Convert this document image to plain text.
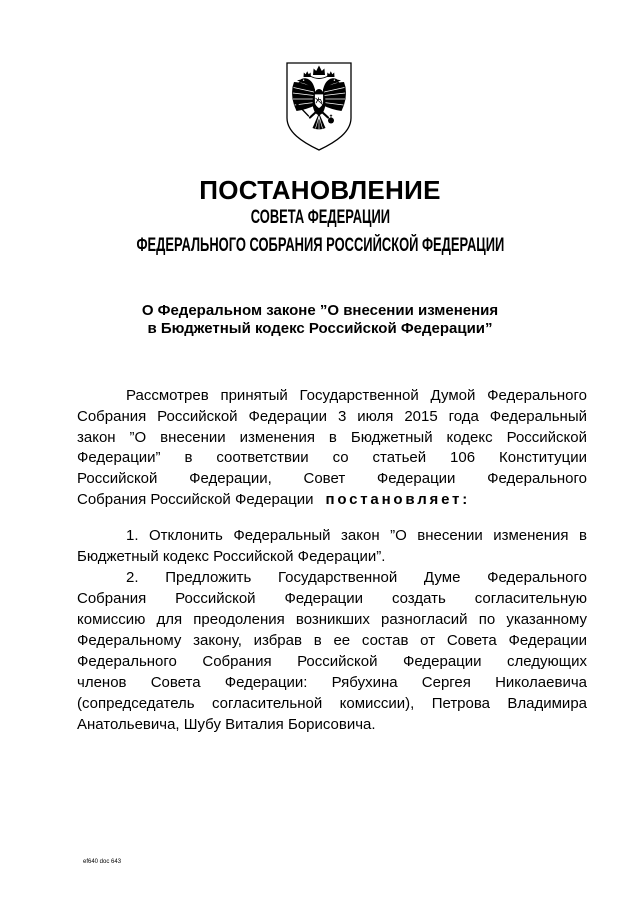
ПОСТАНОВЛЕНИЕ
СОВЕТА ФЕДЕРАЦИИ
ФЕДЕРАЛЬНОГО СОБРАНИЯ РОССИЙСКОЙ ФЕДЕРАЦИИ
О Федеральном законе ”О внесении изменения
в Бюджетный кодекс Российской Федерации”
Рассмотрев принятый Государственной Думой Федерального
Собрания Российской Федерации 3 июля 2015 года Федеральный
закон ”О внесении изменения в Бюджетный кодекс Российской
Федерации” в соответствии со статьей 106 Конституции
Российской Федерации, Совет Федерации Федерального
Собрания Российской Федерации постановляет:
1. Отклонить Федеральный закон ”О внесении изменения в
Бюджетный кодекс Российской Федерации”.
2. Предложить Государственной Думе Федерального
Собрания Российской Федерации создать согласительную
комиссию для преодоления возникших разногласий по указанному
Федеральному закону, избрав в ее состав от Совета Федерации
Федерального Собрания Российской Федерации следующих
членов Совета Федерации: Рябухина Сергея Николаевича
(сопредседатель согласительной комиссии), Петрова Владимира
Анатольевича, Шубу Виталия Борисовича.
ef640 doc 643
